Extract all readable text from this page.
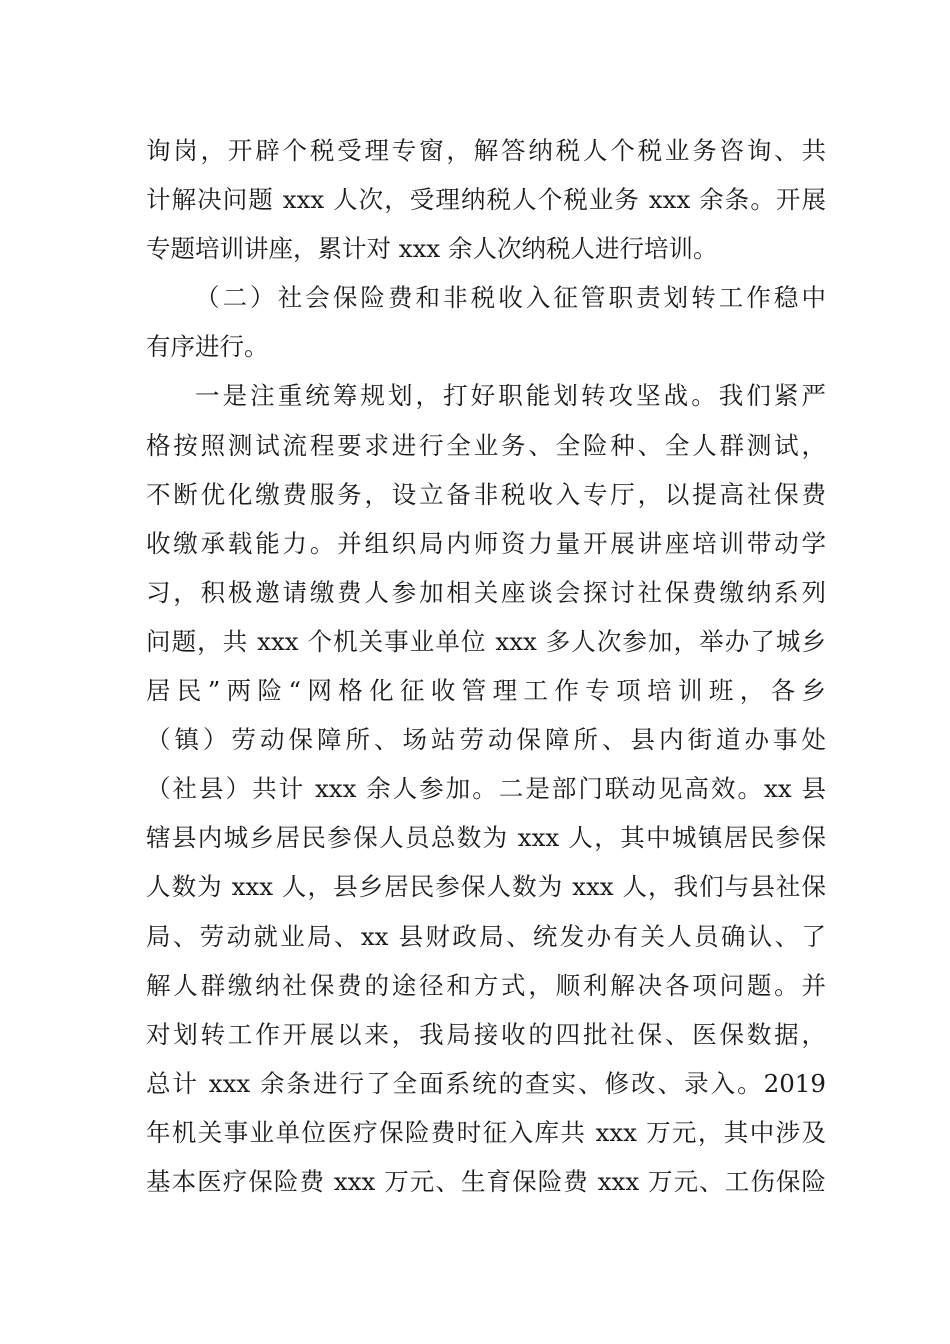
询岗，开辟个税受理专窗，解答纳税人个税业务咨询、共
计解决问题 xxx 人次，受理纳税人个税业务 xxx 余条。开展
专题培训讲座，累计对 xxx 余人次纳税人进行培训。
（二）社会保险费和非税收入征管职责划转工作稳中
有序进行。
一是注重统筹规划，打好职能划转攻坚战。我们紧严
格按照测试流程要求进行全业务、全险种、全人群测试，
不断优化缴费服务，设立备非税收入专厅，以提高社保费
收缴承载能力。并组织局内师资力量开展讲座培训带动学
习，积极邀请缴费人参加相关座谈会探讨社保费缴纳系列
问题，共 xxx 个机关事业单位 xxx 多人次参加，举办了城乡
居民”两险“网格化征收管理工作专项培训班，各乡
（镇）劳动保障所、场站劳动保障所、县内街道办事处
（社县）共计 xxx 余人参加。二是部门联动见高效。xx 县
辖县内城乡居民参保人员总数为 xxx 人，其中城镇居民参保
人数为 xxx 人，县乡居民参保人数为 xxx 人，我们与县社保
局、劳动就业局、xx 县财政局、统发办有关人员确认、了
解人群缴纳社保费的途径和方式，顺利解决各项问题。并
对划转工作开展以来，我局接收的四批社保、医保数据，
总计 xxx 余条进行了全面系统的查实、修改、录入。2019
年机关事业单位医疗保险费时征入库共 xxx 万元，其中涉及
基本医疗保险费 xxx 万元、生育保险费 xxx 万元、工伤保险
